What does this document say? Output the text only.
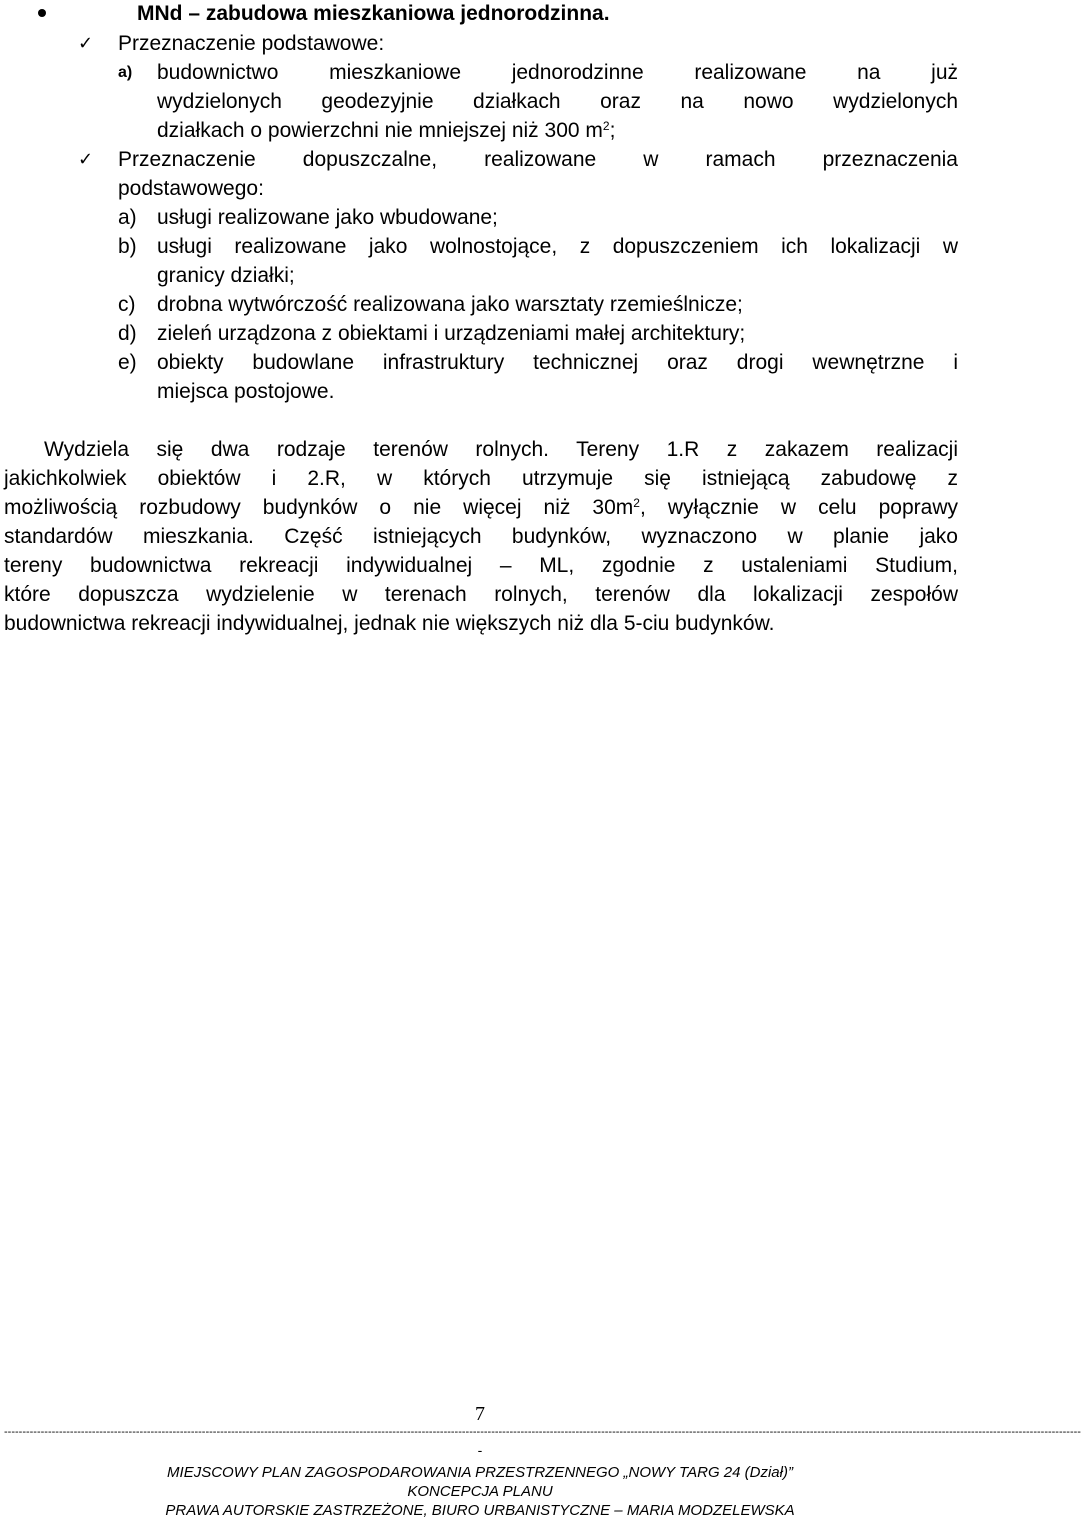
MNd – zabudowa mieszkaniowa jednorodzinna.
✓ Przeznaczenie podstawowe:
a) budownictwo mieszkaniowe jednorodzinne realizowane na już
wydzielonych geodezyjnie działkach oraz na nowo wydzielonych
działkach o powierzchni nie mniejszej niż 300 $m^2$;
✓ Przeznaczenie dopuszczalne, realizowane w ramach przeznaczenia
podstawowego:
a) usługi realizowane jako wbudowane;
b) usługi realizowane jako wolnostojące, z dopuszczeniem ich lokalizacji w
granicy działki;
c) drobna wytwórczość realizowana jako warsztaty rzemieślnicze;
d) zieleń urządzona z obiektami i urządzeniami małej architektury;
e) obiekty budowlane infrastruktury technicznej oraz drogi wewnętrzne i
miejsca postojowe.
Wydziela się dwa rodzaje terenów rolnych. Tereny 1.R z zakazem realizacji
jakichkolwiek obiektów i 2.R, w których utrzymuje się istniejącą zabudowę z
możliwością rozbudowy budynków o nie więcej niż $30m^2$, wyłącznie w celu poprawy
standardów mieszkania. Część istniejących budynków, wyznaczono w planie jako
tereny budownictwa rekreacji indywidualnej – ML, zgodnie z ustaleniami Studium,
które dopuszcza wydzielenie w terenach rolnych, terenów dla lokalizacji zespołów
budownictwa rekreacji indywidualnej, jednak nie większych niż dla 5-ciu budynków.
7
------------------------------------------------------------------------------------------------------------------------------------------------------------------------------------------------------------------------------------------------------------------------------------------------------
-
MIEJSCOWY PLAN ZAGOSPODAROWANIA PRZESTRZENNEGO „NOWY TARG 24 (Dział)”
KONCEPCJA PLANU
PRAWA AUTORSKIE ZASTRZEŻONE, BIURO URBANISTYCZNE – MARIA MODZELEWSKA
